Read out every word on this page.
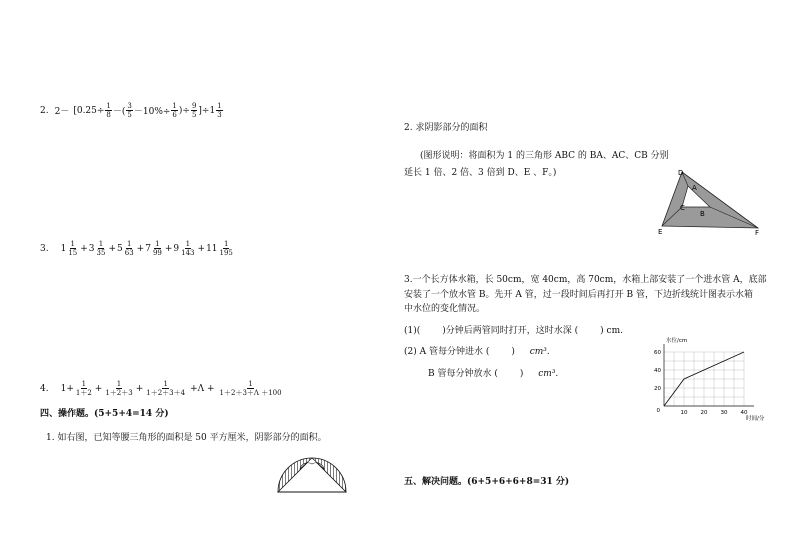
2. $2- [0.25\div \frac{1}{8}$ －( $\frac{3}{5} -10\%\div \frac{1}{6}$ )÷ $\frac{9}{5} ]\div 1 \frac{1}{3}$
3. $1 \frac{1}{15} + 3 \frac{1}{35} + 5 \frac{1}{63} + 7 \frac{1}{99} + 9 \frac{1}{143} + 11 \frac{1}{195}$
4. $1+ \frac{1}{1+2} + \frac{1}{1+2+3} + \frac{1}{1+2+3+4} +\Lambda + \frac{1}{1+2+3+\Lambda +100}$
四、操作题。(5+5+4=14 分)
1. 如右图，已知等腰三角形的面积是 50 平方厘米，阴影部分的面积。
2. 求阴影部分的面积
(图形说明：将面积为 1 的三角形 ABC 的 BA、AC、CB 分别
延长 1 倍、2 倍、3 倍到 D、E 、F。)	D
A
C
B
E	F
3.一个长方体水箱，长 50cm，宽 40cm，高 70cm，水箱上部安装了一个进水管 A，底部
安装了一个放水管 B。先开 A 管，过一段时间后再打开 B 管，下边折线统计图表示水箱
中水位的变化情况。
(1)( )分钟后两管同时打开，这时水深 ( ) cm.
(2) A 管每分钟进水 ( ) cm³.
B 管每分钟放水 ( ) cm³.
10 20 30 40
0
20
40
60
水位/cm
时间/分
五、解决问题。(6+5+6+6+8=31 分)
